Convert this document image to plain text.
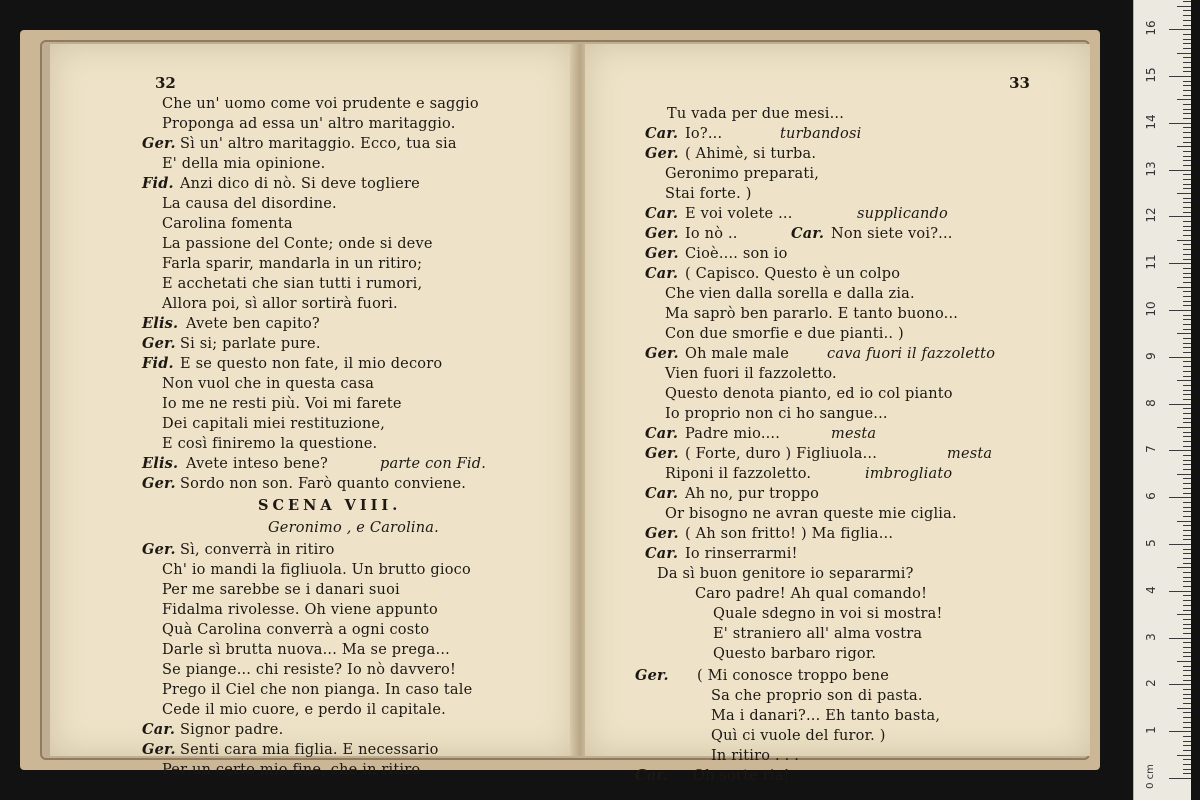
32
Che un' uomo come voi prudente e saggio
Proponga ad essa un' altro maritaggio.
Ger. Sì un' altro maritaggio. Ecco, tua sia
E' della mia opinione.
Fid. Anzi dico di nò. Si deve togliere
La causa del disordine.
Carolina fomenta
La passione del Conte; onde si deve
Farla sparir, mandarla in un ritiro;
E acchetati che sian tutti i rumori,
Allora poi, sì allor sortirà fuori.
Elis. Avete ben capito?
Ger. Si si; parlate pure.
Fid. E se questo non fate, il mio decoro
Non vuol che in questa casa
Io me ne resti più. Voi mi farete
Dei capitali miei restituzione,
E così finiremo la questione.
Elis. Avete inteso bene?	parte con Fid.
Ger. Sordo non son. Farò quanto conviene.
SCENA VIII.
Geronimo , e Carolina.
Ger. Sì, converrà in ritiro
Ch' io mandi la figliuola. Un brutto gioco
Per me sarebbe se i danari suoi
Fidalma rivolesse. Oh viene appunto
Quà Carolina converrà a ogni costo
Darle sì brutta nuova... Ma se prega...
Se piange... chi resiste? Io nò davvero!
Prego il Ciel che non pianga. In caso tale
Cede il mio cuore, e perdo il capitale.
Car. Signor padre.
Ger. Senti cara mia figlia. E necessario
Per un certo mio fine, che in ritiro
33
Tu vada per due mesi...
Car. Io?...	turbandosi
Ger. ( Ahimè, si turba.
Geronimo preparati,
Stai forte. )
Car. E voi volete ...	supplicando
Ger. Io nò ..	Car. Non siete voi?...
Ger. Cioè.... son io
Car. ( Capisco. Questo è un colpo
Che vien dalla sorella e dalla zia.
Ma saprò ben pararlo. E tanto buono...
Con due smorfie e due pianti.. )
Ger. Oh male male	cava fuori il fazzoletto
Vien fuori il fazzoletto.
Questo denota pianto, ed io col pianto
Io proprio non ci ho sangue...
Car. Padre mio....	mesta
Ger. ( Forte, duro ) Figliuola...	mesta
Riponi il fazzoletto.	imbrogliato
Car. Ah no, pur troppo
Or bisogno ne avran queste mie ciglia.
Ger. ( Ah son fritto! ) Ma figlia...
Car. Io rinserrarmi!
Da sì buon genitore io separarmi?
Caro padre! Ah qual comando!
Quale sdegno in voi si mostra!
E' straniero all' alma vostra
Questo barbaro rigor.
Ger. ( Mi conosce troppo bene
Sa che proprio son di pasta.
Ma i danari?... Eh tanto basta,
Quì ci vuole del furor. )
In ritiro . . .
Car. Oh sorte ria!	0 cm
1
2
3
4
5
6
7
8
9
10
11
12
13
14
15
16
